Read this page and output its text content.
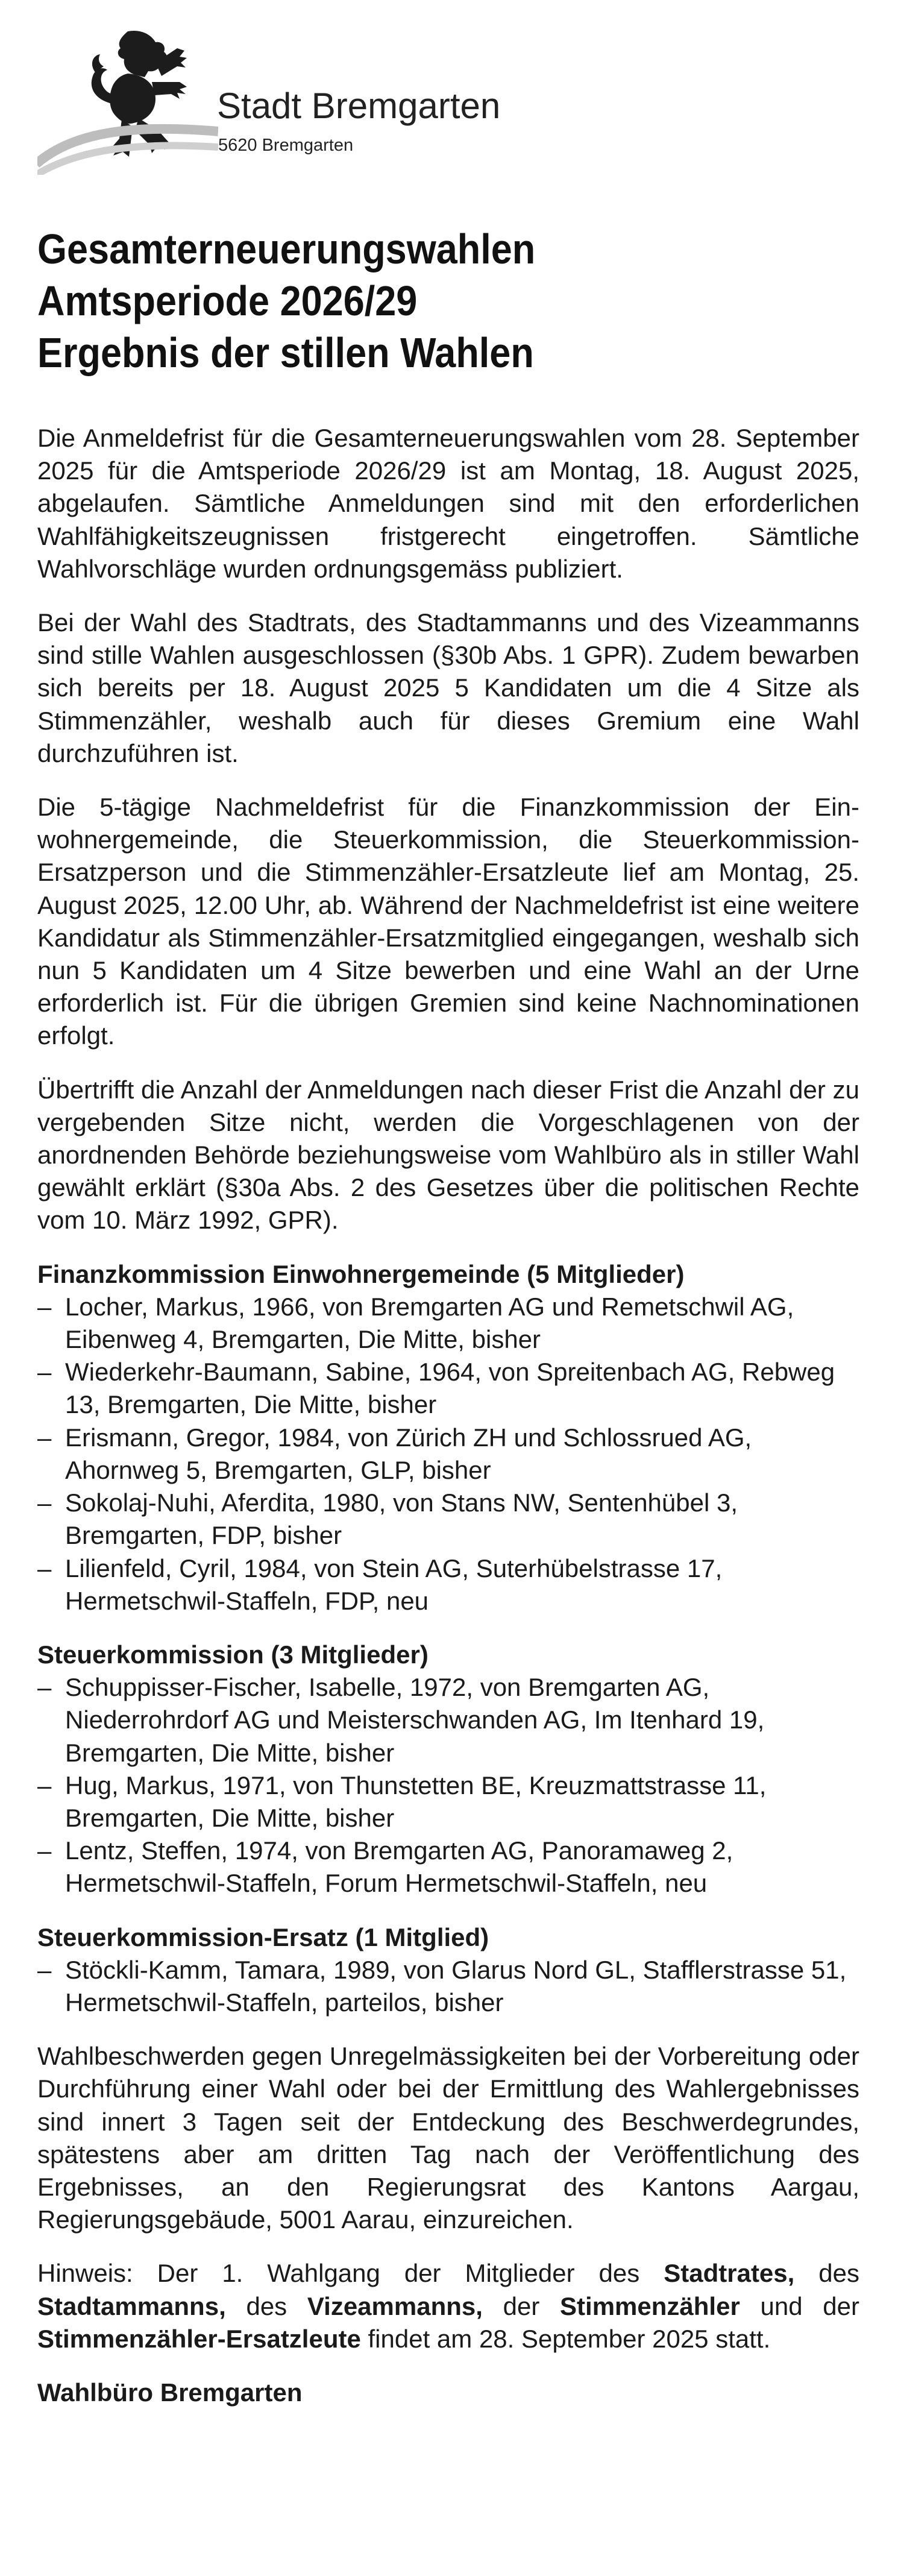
Stadt Bremgarten
5620 Bremgarten
Gesamterneuerungswahlen
Amtsperiode 2026/29
Ergebnis der stillen Wahlen

Die Anmeldefrist für die Gesamterneuerungswahlen vom 28. September 2025 für die Amtsperiode 2026/29 ist am Montag, 18. August 2025, abgelaufen. Sämtliche Anmeldungen sind mit den erforderlichen Wahlfähigkeitszeugnissen fristgerecht eingetroffen. Sämtliche Wahlvorschläge wurden ordnungsgemäss publiziert.

Bei der Wahl des Stadtrats, des Stadtammanns und des Vizeammanns sind stille Wahlen ausgeschlossen (§30b Abs. 1 GPR). Zudem bewarben sich bereits per 18. August 2025 5 Kandidaten um die 4 Sitze als Stimmenzähler, weshalb auch für dieses Gremium eine Wahl durchzuführen ist.

Die 5-tägige Nachmeldefrist für die Finanzkommission der Einwohnergemeinde, die Steuerkommission, die Steuerkommission-Ersatzperson und die Stimmenzähler-Ersatzleute lief am Montag, 25. August 2025, 12.00 Uhr, ab. Während der Nachmeldefrist ist eine weitere Kandidatur als Stimmenzähler-Ersatzmitglied eingegangen, weshalb sich nun 5 Kandidaten um 4 Sitze bewerben und eine Wahl an der Urne erforderlich ist. Für die übrigen Gremien sind keine Nachnominationen erfolgt.

Übertrifft die Anzahl der Anmeldungen nach dieser Frist die Anzahl der zu vergebenden Sitze nicht, werden die Vorgeschlagenen von der anordnenden Behörde beziehungsweise vom Wahlbüro als in stiller Wahl gewählt erklärt (§30a Abs. 2 des Gesetzes über die politischen Rechte vom 10. März 1992, GPR).

Finanzkommission Einwohnergemeinde (5 Mitglieder)

– Locher, Markus, 1966, von Bremgarten AG und Remetschwil AG, Eibenweg 4, Bremgarten, Die Mitte, bisher
– Wiederkehr-Baumann, Sabine, 1964, von Spreitenbach AG, Rebweg 13, Bremgarten, Die Mitte, bisher
– Erismann, Gregor, 1984, von Zürich ZH und Schlossrued AG, Ahornweg 5, Bremgarten, GLP, bisher
– Sokolaj-Nuhi, Aferdita, 1980, von Stans NW, Sentenhübel 3, Bremgarten, FDP, bisher
– Lilienfeld, Cyril, 1984, von Stein AG, Suterhübelstrasse 17, Hermetschwil-Staffeln, FDP, neu

Steuerkommission (3 Mitglieder)

– Schuppisser-Fischer, Isabelle, 1972, von Bremgarten AG, Niederrohrdorf AG und Meisterschwanden AG, Im Itenhard 19, Bremgarten, Die Mitte, bisher
– Hug, Markus, 1971, von Thunstetten BE, Kreuzmattstrasse 11, Bremgarten, Die Mitte, bisher
– Lentz, Steffen, 1974, von Bremgarten AG, Panoramaweg 2, Hermetschwil-Staffeln, Forum Hermetschwil-Staffeln, neu

Steuerkommission-Ersatz (1 Mitglied)

– Stöckli-Kamm, Tamara, 1989, von Glarus Nord GL, Stafflerstrasse 51, Hermetschwil-Staffeln, parteilos, bisher

Wahlbeschwerden gegen Unregelmässigkeiten bei der Vorbereitung oder Durchführung einer Wahl oder bei der Ermittlung des Wahlergebnisses sind innert 3 Tagen seit der Entdeckung des Beschwerdegrundes, spätestens aber am dritten Tag nach der Veröffentlichung des Ergebnisses, an den Regierungsrat des Kantons Aargau, Regierungsgebäude, 5001 Aarau, einzureichen.

Hinweis: Der 1. Wahlgang der Mitglieder des Stadtrates, des Stadtammanns, des Vizeammanns, der Stimmenzähler und der Stimmenzähler-Ersatzleute findet am 28. September 2025 statt.

Wahlbüro Bremgarten
